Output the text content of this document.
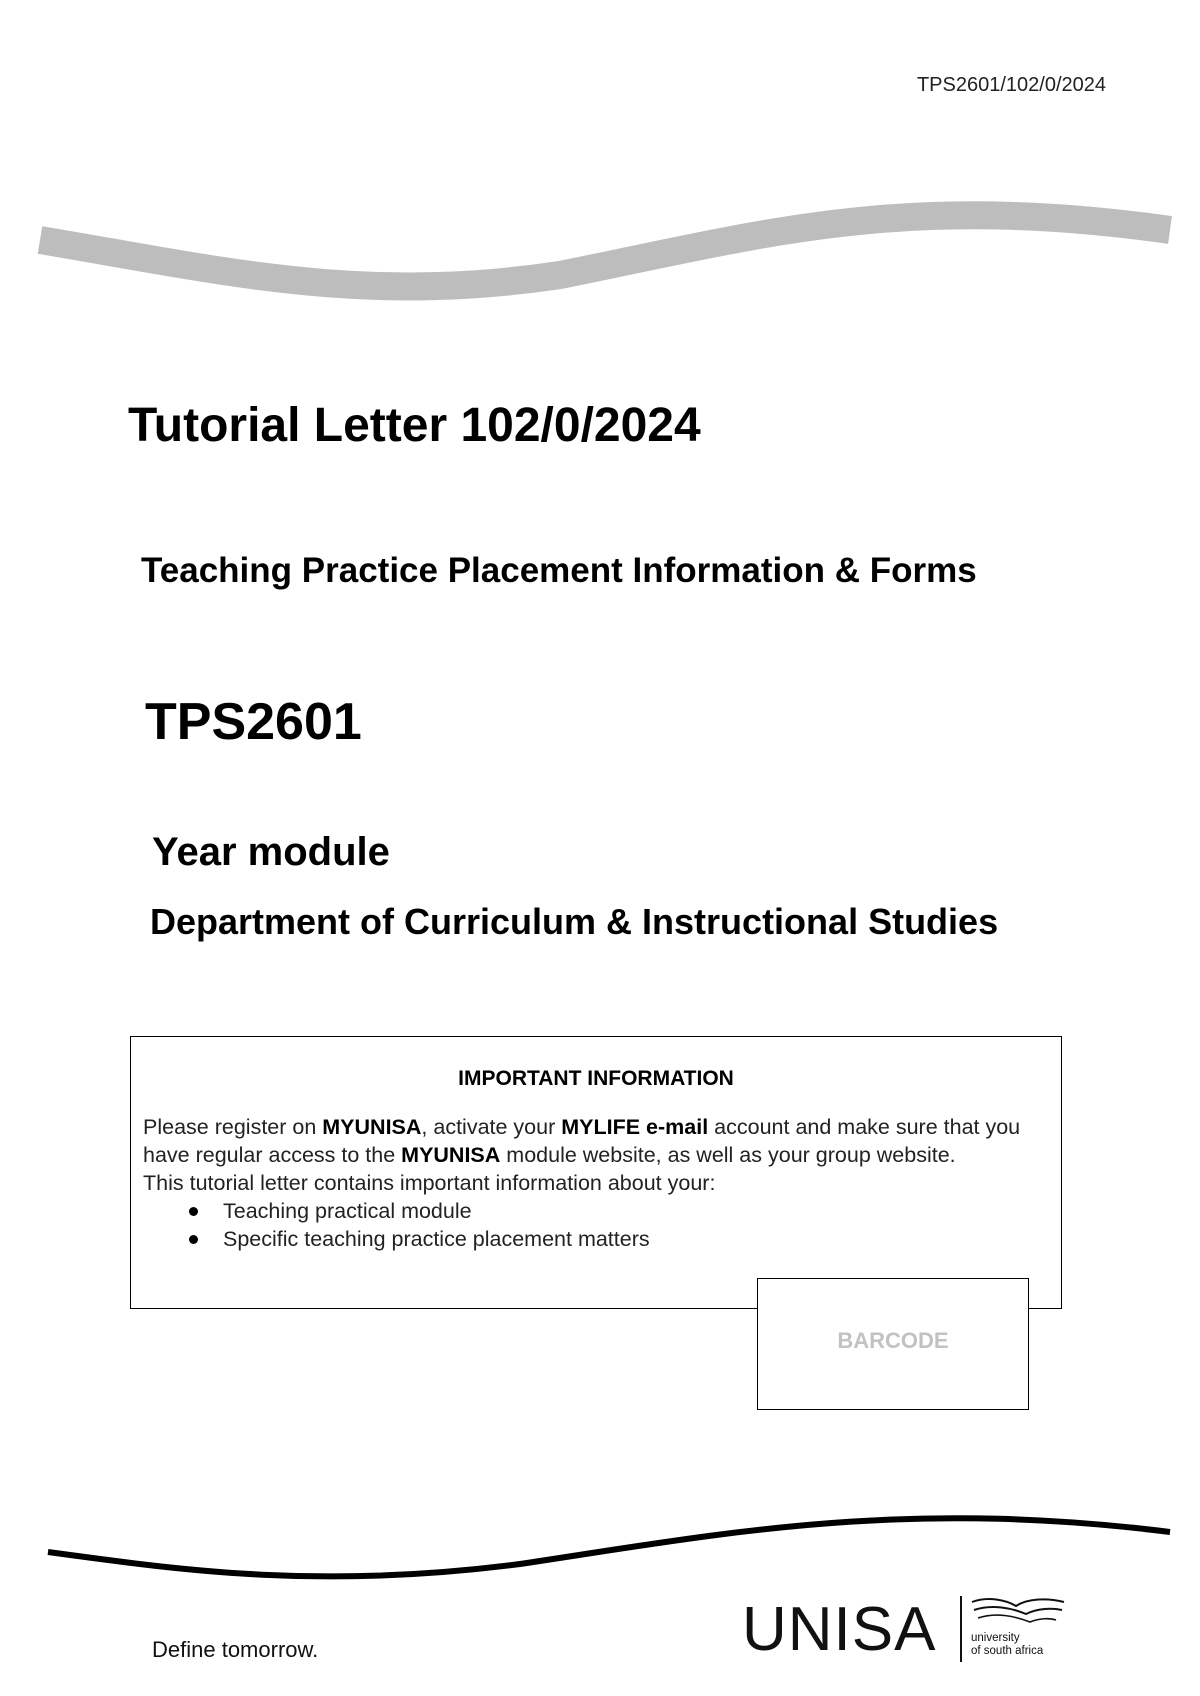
TPS2601/102/0/2024
Tutorial Letter 102/0/2024
Teaching Practice Placement Information & Forms
TPS2601
Year module
Department of Curriculum & Instructional Studies
IMPORTANT INFORMATION

Please register on MYUNISA, activate your MYLIFE e-mail account and make sure that you have regular access to the MYUNISA module website, as well as your group website.

This tutorial letter contains important information about your:

Teaching practical module
Specific teaching practice placement matters
BARCODE
Define tomorrow.	UNISA	university
of south africa
